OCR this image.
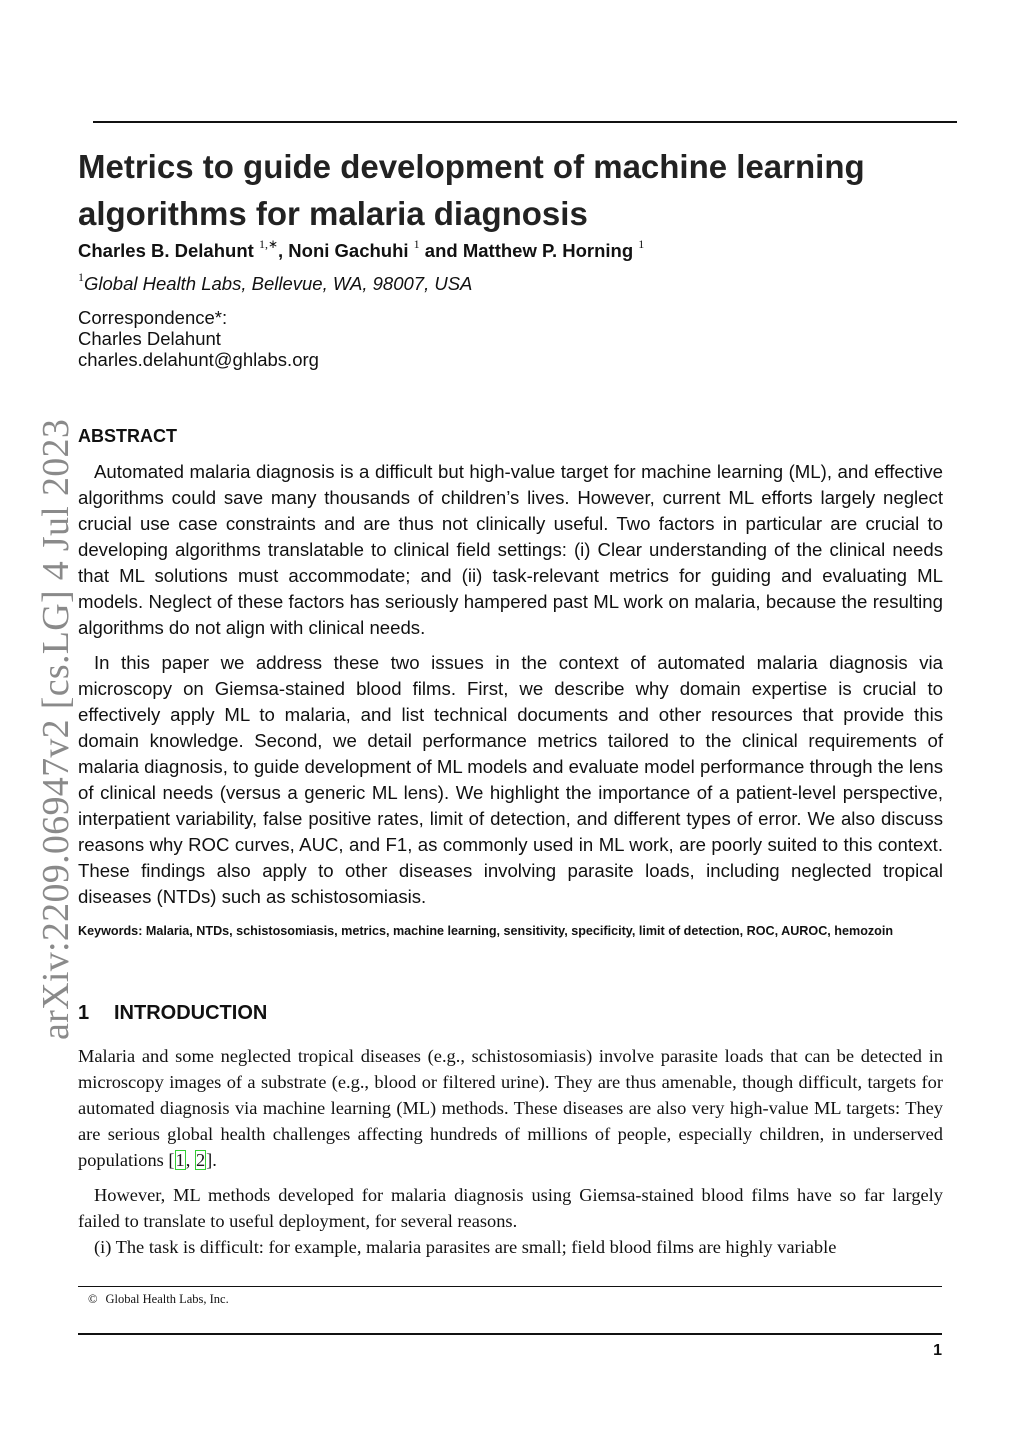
arXiv:2209.06947v2 [cs.LG] 4 Jul 2023
Metrics to guide development of machine learning algorithms for malaria diagnosis

Charles B. Delahunt $^{1,∗}$, Noni Gachuhi $^1$ and Matthew P. Horning $^1$

$^1$Global Health Labs, Bellevue, WA, 98007, USA

Correspondence*:
Charles Delahunt
charles.delahunt@ghlabs.org
ABSTRACT

Automated malaria diagnosis is a difficult but high-value target for machine learning (ML), and effective algorithms could save many thousands of children’s lives. However, current ML efforts largely neglect crucial use case constraints and are thus not clinically useful. Two factors in particular are crucial to developing algorithms translatable to clinical field settings: (i) Clear understanding of the clinical needs that ML solutions must accommodate; and (ii) task-relevant metrics for guiding and evaluating ML models. Neglect of these factors has seriously hampered past ML work on malaria, because the resulting algorithms do not align with clinical needs.

In this paper we address these two issues in the context of automated malaria diagnosis via microscopy on Giemsa-stained blood films. First, we describe why domain expertise is crucial to effectively apply ML to malaria, and list technical documents and other resources that provide this domain knowledge. Second, we detail performance metrics tailored to the clinical requirements of malaria diagnosis, to guide development of ML models and evaluate model performance through the lens of clinical needs (versus a generic ML lens). We highlight the importance of a patient-level perspective, interpatient variability, false positive rates, limit of detection, and different types of error. We also discuss reasons why ROC curves, AUC, and F1, as commonly used in ML work, are poorly suited to this context. These findings also apply to other diseases involving parasite loads, including neglected tropical diseases (NTDs) such as schistosomiasis.

Keywords: Malaria, NTDs, schistosomiasis, metrics, machine learning, sensitivity, specificity, limit of detection, ROC, AUROC, hemozoin

1 INTRODUCTION

Malaria and some neglected tropical diseases (e.g., schistosomiasis) involve parasite loads that can be detected in microscopy images of a substrate (e.g., blood or filtered urine). They are thus amenable, though difficult, targets for automated diagnosis via machine learning (ML) methods. These diseases are also very high-value ML targets: They are serious global health challenges affecting hundreds of millions of people, especially children, in underserved populations [1, 2].

However, ML methods developed for malaria diagnosis using Giemsa-stained blood films have so far largely failed to translate to useful deployment, for several reasons.

(i) The task is difficult: for example, malaria parasites are small; field blood films are highly variable

© Global Health Labs, Inc.

1
